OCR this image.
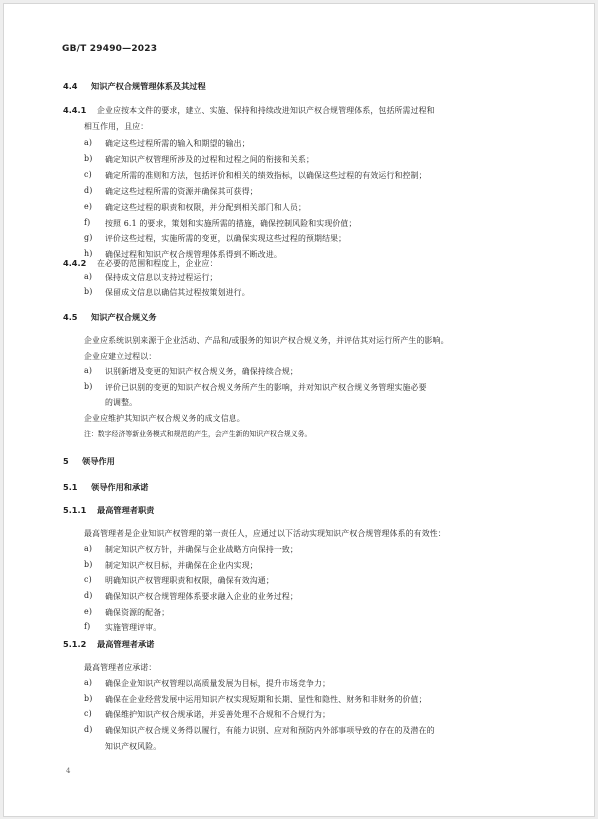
GB/T 29490—2023
4.4 知识产权合规管理体系及其过程
4.4.1 企业应按本文件的要求，建立、实施、保持和持续改进知识产权合规管理体系，包括所需过程和
相互作用，且应：
a) 确定这些过程所需的输入和期望的输出；
b) 确定知识产权管理所涉及的过程和过程之间的衔接和关系；
c) 确定所需的准则和方法，包括评价和相关的绩效指标，以确保这些过程的有效运行和控制；
d) 确定这些过程所需的资源并确保其可获得；
e) 确定这些过程的职责和权限，并分配到相关部门和人员；
f) 按照 6.1 的要求，策划和实施所需的措施，确保控制风险和实现价值；
g) 评价这些过程，实施所需的变更，以确保实现这些过程的预期结果；
h) 确保过程和知识产权合规管理体系得到不断改进。
4.4.2 在必要的范围和程度上，企业应：
a) 保持成文信息以支持过程运行；
b) 保留成文信息以确信其过程按策划进行。
4.5 知识产权合规义务
企业应系统识别来源于企业活动、产品和/或服务的知识产权合规义务，并评估其对运行所产生的影响。
企业应建立过程以：
a) 识别新增及变更的知识产权合规义务，确保持续合规；
b) 评价已识别的变更的知识产权合规义务所产生的影响，并对知识产权合规义务管理实施必要
的调整。
企业应维护其知识产权合规义务的成文信息。
注：数字经济等新业务模式和规范的产生，会产生新的知识产权合规义务。
5 领导作用
5.1 领导作用和承诺
5.1.1 最高管理者职责
最高管理者是企业知识产权管理的第一责任人，应通过以下活动实现知识产权合规管理体系的有效性：
a) 制定知识产权方针，并确保与企业战略方向保持一致；
b) 制定知识产权目标，并确保在企业内实现；
c) 明确知识产权管理职责和权限，确保有效沟通；
d) 确保知识产权合规管理体系要求融入企业的业务过程；
e) 确保资源的配备；
f) 实施管理评审。
5.1.2 最高管理者承诺
最高管理者应承诺：
a) 确保企业知识产权管理以高质量发展为目标，提升市场竞争力；
b) 确保在企业经营发展中运用知识产权实现短期和长期、显性和隐性、财务和非财务的价值；
c) 确保维护知识产权合规承诺，并妥善处理不合规和不合规行为；
d) 确保知识产权合规义务得以履行，有能力识别、应对和预防内外部事项导致的存在的及潜在的
知识产权风险。
4
